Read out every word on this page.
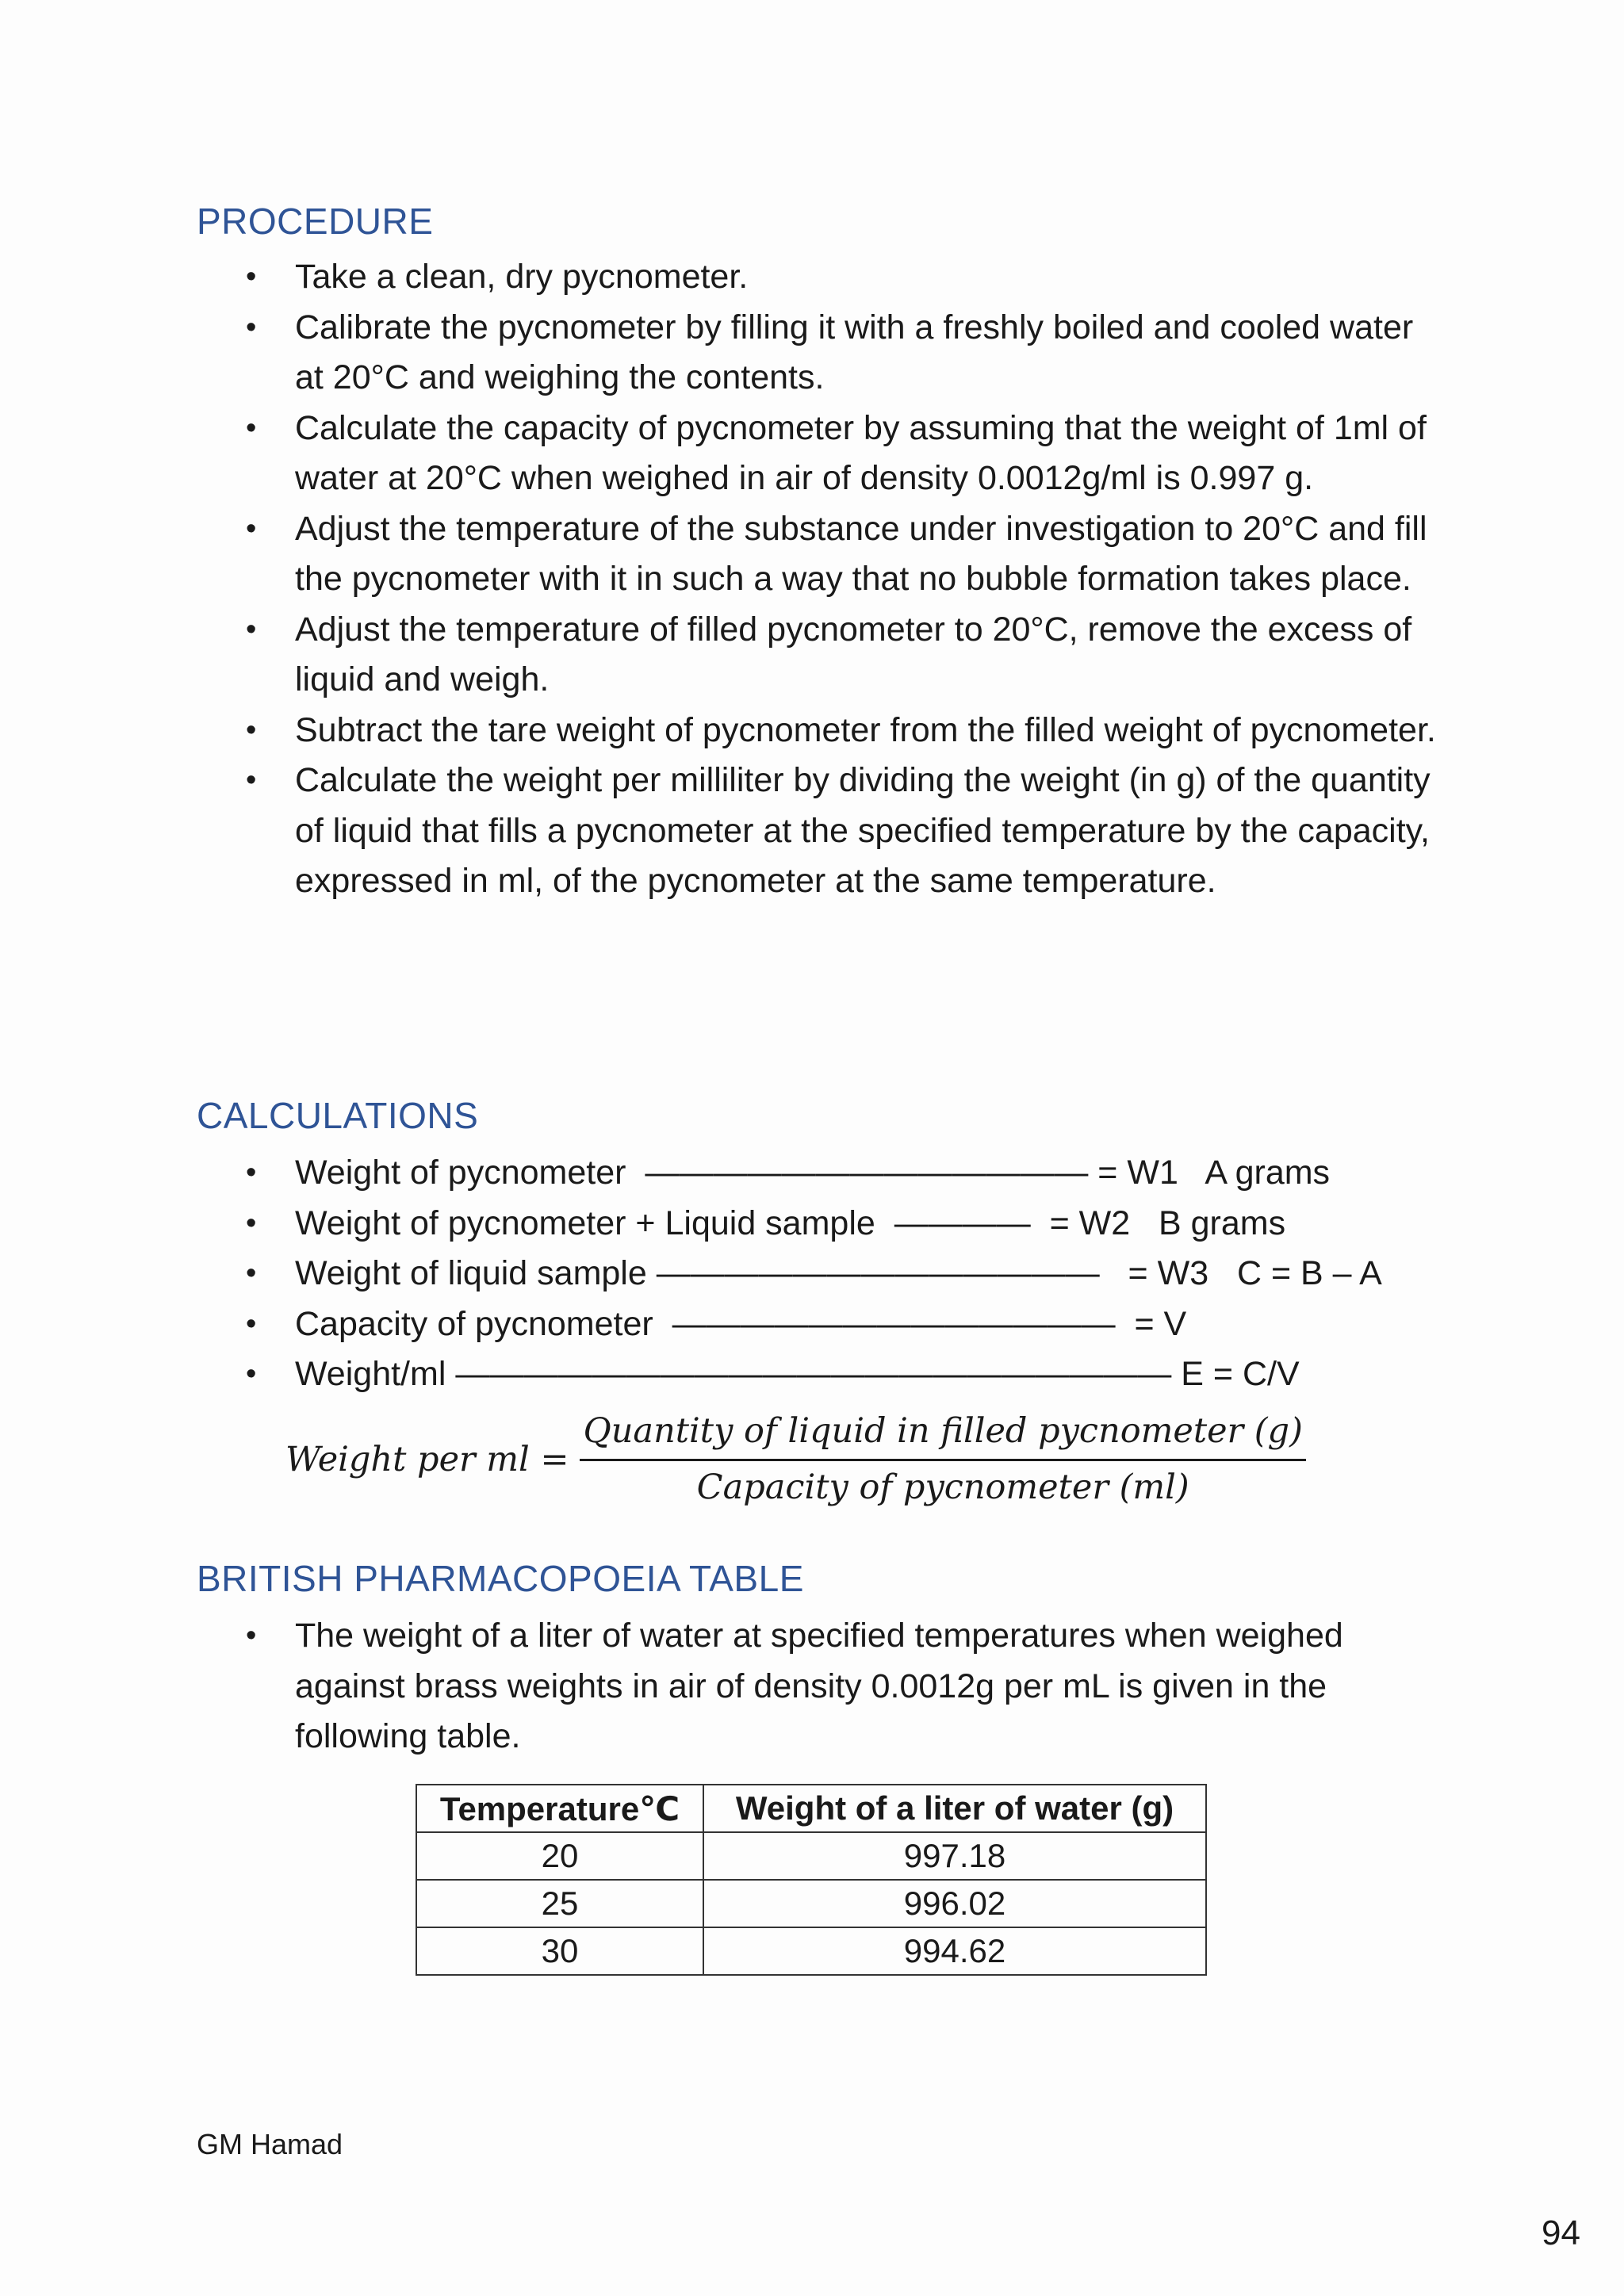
PROCEDURE
• Take a clean, dry pycnometer.
• Calibrate the pycnometer by filling it with a freshly boiled and cooled water at 20°C and weighing the contents.
• Calculate the capacity of pycnometer by assuming that the weight of 1ml of water at 20°C when weighed in air of density 0.0012g/ml is 0.997 g.
• Adjust the temperature of the substance under investigation to 20°C and fill the pycnometer with it in such a way that no bubble formation takes place.
• Adjust the temperature of filled pycnometer to 20°C, remove the excess of liquid and weigh.
• Subtract the tare weight of pycnometer from the filled weight of pycnometer.
• Calculate the weight per milliliter by dividing the weight (in g) of the quantity of liquid that fills a pycnometer at the specified temperature by the capacity, expressed in ml, of the pycnometer at the same temperature.
CALCULATIONS
• Weight of pycnometer  ————————————— = W1   A grams
• Weight of pycnometer + Liquid sample  ————  = W2   B grams
• Weight of liquid sample —————————————   = W3   C = B – A
• Capacity of pycnometer  —————————————  = V
• Weight/ml ————————————————————— E = C/V
Weight per ml = $\frac{\text{Quantity of liquid in filled pycnometer (g)}}{\text{Capacity of pycnometer (ml)}}$
BRITISH PHARMACOPOEIA TABLE
• The weight of a liter of water at specified temperatures when weighed against brass weights in air of density 0.0012g per mL is given in the following table.
Temperature℃	Weight of a liter of water (g)
20	997.18
25	996.02
30	994.62
GM Hamad
94
